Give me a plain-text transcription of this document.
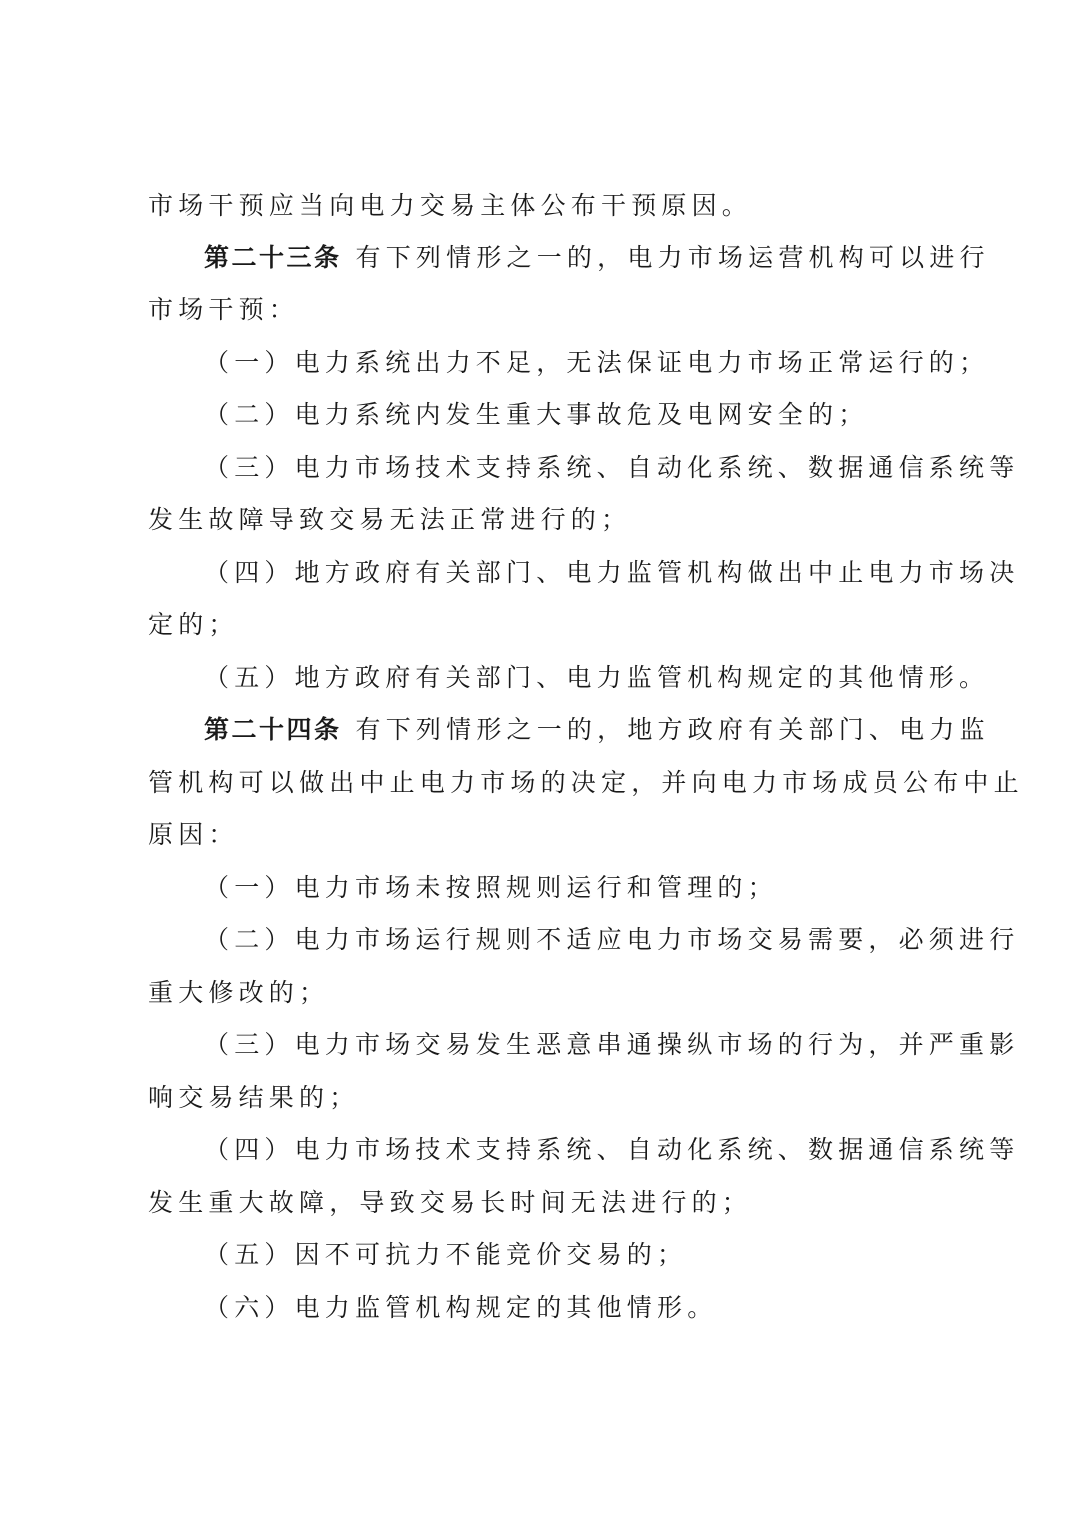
市场干预应当向电力交易主体公布干预原因。
第二十三条 有下列情形之一的，电力市场运营机构可以进行
市场干预：
（一）电力系统出力不足，无法保证电力市场正常运行的；
（二）电力系统内发生重大事故危及电网安全的；
（三）电力市场技术支持系统、自动化系统、数据通信系统等
发生故障导致交易无法正常进行的；
（四）地方政府有关部门、电力监管机构做出中止电力市场决
定的；
（五）地方政府有关部门、电力监管机构规定的其他情形。
第二十四条 有下列情形之一的，地方政府有关部门、电力监
管机构可以做出中止电力市场的决定，并向电力市场成员公布中止
原因：
（一）电力市场未按照规则运行和管理的；
（二）电力市场运行规则不适应电力市场交易需要，必须进行
重大修改的；
（三）电力市场交易发生恶意串通操纵市场的行为，并严重影
响交易结果的；
（四）电力市场技术支持系统、自动化系统、数据通信系统等
发生重大故障，导致交易长时间无法进行的；
（五）因不可抗力不能竞价交易的；
（六）电力监管机构规定的其他情形。
